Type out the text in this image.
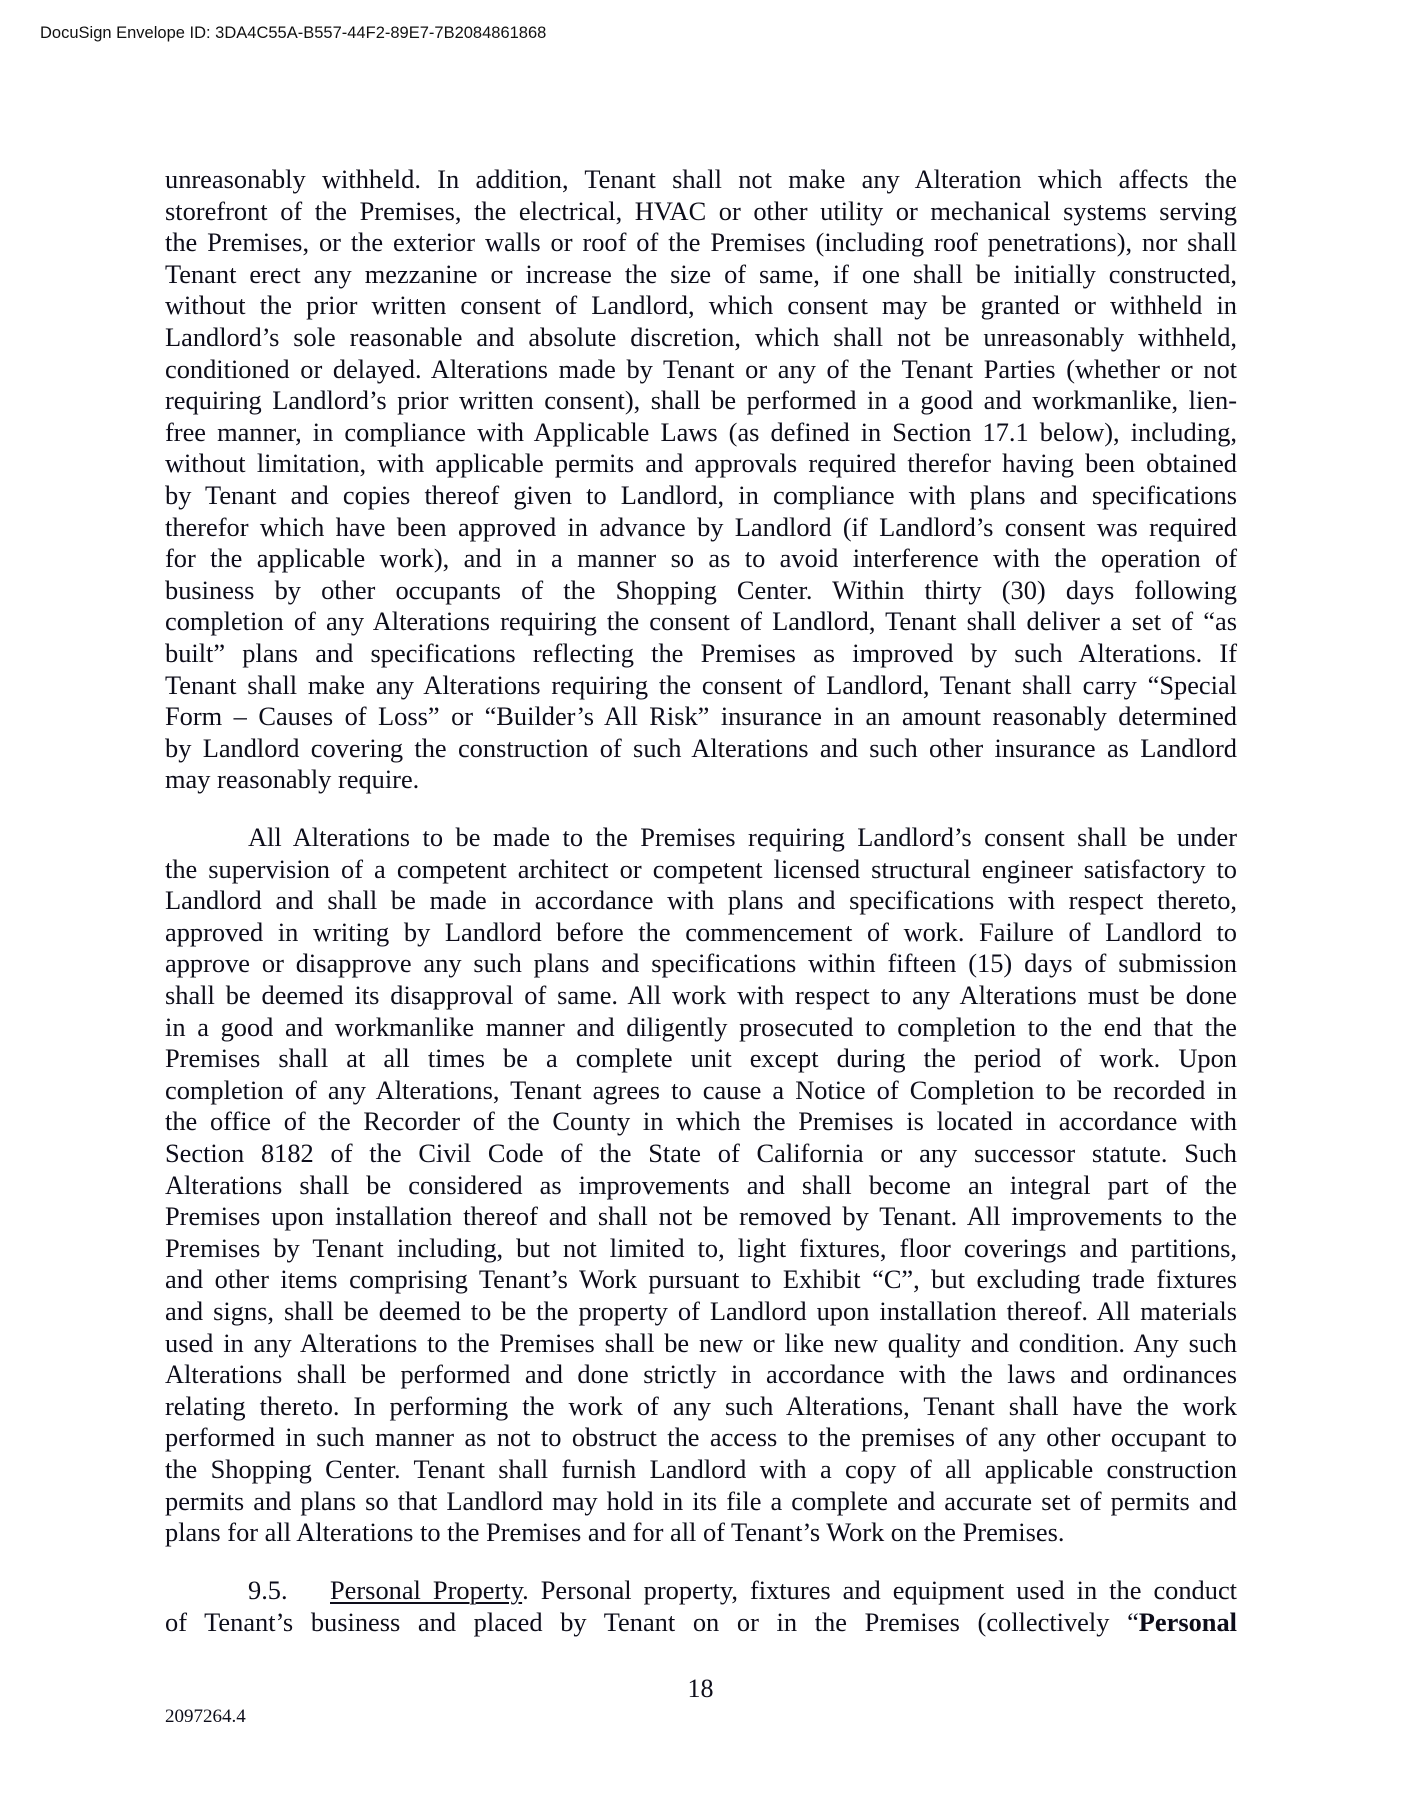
DocuSign Envelope ID: 3DA4C55A-B557-44F2-89E7-7B2084861868
unreasonably withheld. In addition, Tenant shall not make any Alteration which affects the
storefront of the Premises, the electrical, HVAC or other utility or mechanical systems serving
the Premises, or the exterior walls or roof of the Premises (including roof penetrations), nor shall
Tenant erect any mezzanine or increase the size of same, if one shall be initially constructed,
without the prior written consent of Landlord, which consent may be granted or withheld in
Landlord’s sole reasonable and absolute discretion, which shall not be unreasonably withheld,
conditioned or delayed. Alterations made by Tenant or any of the Tenant Parties (whether or not
requiring Landlord’s prior written consent), shall be performed in a good and workmanlike, lien-
free manner, in compliance with Applicable Laws (as defined in Section 17.1 below), including,
without limitation, with applicable permits and approvals required therefor having been obtained
by Tenant and copies thereof given to Landlord, in compliance with plans and specifications
therefor which have been approved in advance by Landlord (if Landlord’s consent was required
for the applicable work), and in a manner so as to avoid interference with the operation of
business by other occupants of the Shopping Center. Within thirty (30) days following
completion of any Alterations requiring the consent of Landlord, Tenant shall deliver a set of “as
built” plans and specifications reflecting the Premises as improved by such Alterations. If
Tenant shall make any Alterations requiring the consent of Landlord, Tenant shall carry “Special
Form – Causes of Loss” or “Builder’s All Risk” insurance in an amount reasonably determined
by Landlord covering the construction of such Alterations and such other insurance as Landlord
may reasonably require.
All Alterations to be made to the Premises requiring Landlord’s consent shall be under
the supervision of a competent architect or competent licensed structural engineer satisfactory to
Landlord and shall be made in accordance with plans and specifications with respect thereto,
approved in writing by Landlord before the commencement of work. Failure of Landlord to
approve or disapprove any such plans and specifications within fifteen (15) days of submission
shall be deemed its disapproval of same. All work with respect to any Alterations must be done
in a good and workmanlike manner and diligently prosecuted to completion to the end that the
Premises shall at all times be a complete unit except during the period of work. Upon
completion of any Alterations, Tenant agrees to cause a Notice of Completion to be recorded in
the office of the Recorder of the County in which the Premises is located in accordance with
Section 8182 of the Civil Code of the State of California or any successor statute. Such
Alterations shall be considered as improvements and shall become an integral part of the
Premises upon installation thereof and shall not be removed by Tenant. All improvements to the
Premises by Tenant including, but not limited to, light fixtures, floor coverings and partitions,
and other items comprising Tenant’s Work pursuant to Exhibit “C”, but excluding trade fixtures
and signs, shall be deemed to be the property of Landlord upon installation thereof. All materials
used in any Alterations to the Premises shall be new or like new quality and condition. Any such
Alterations shall be performed and done strictly in accordance with the laws and ordinances
relating thereto. In performing the work of any such Alterations, Tenant shall have the work
performed in such manner as not to obstruct the access to the premises of any other occupant to
the Shopping Center. Tenant shall furnish Landlord with a copy of all applicable construction
permits and plans so that Landlord may hold in its file a complete and accurate set of permits and
plans for all Alterations to the Premises and for all of Tenant’s Work on the Premises.
9.5.	Personal Property. Personal property, fixtures and equipment used in the conduct
of Tenant’s business and placed by Tenant on or in the Premises (collectively “Personal
18
2097264.4
